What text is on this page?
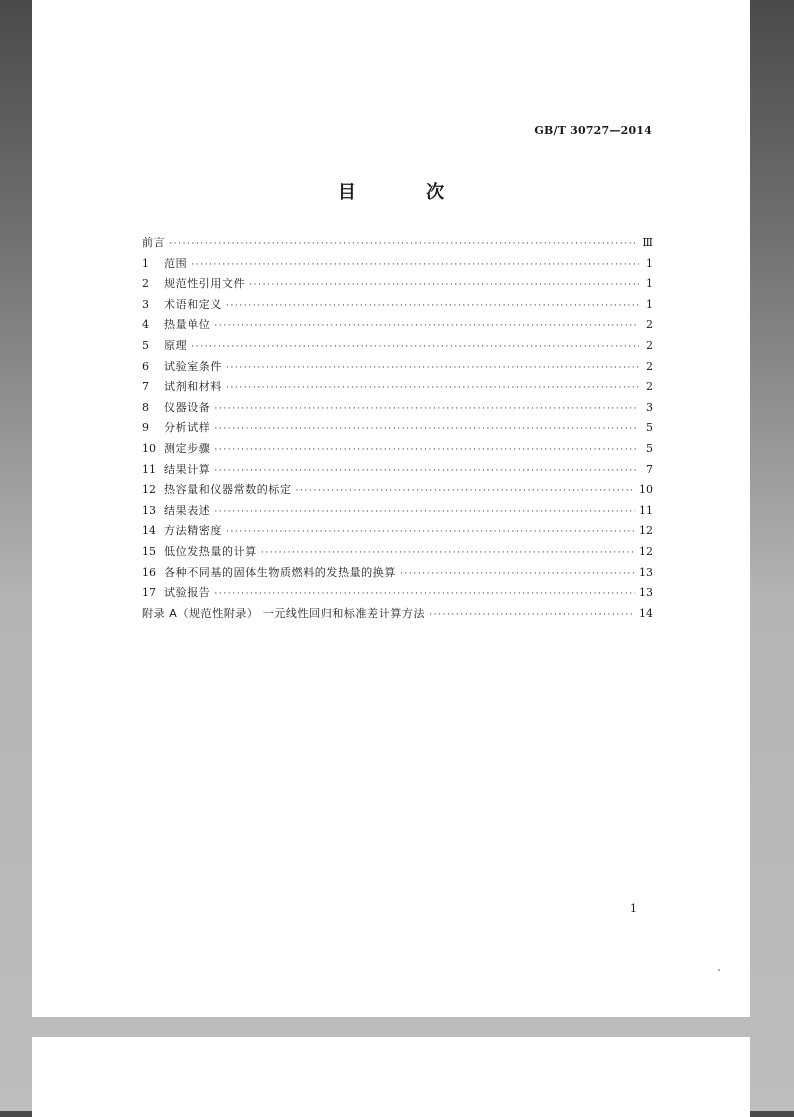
GB/T 30727—2014
目 次
前言 ·····	Ⅲ
1	范围 ·····	1
2	规范性引用文件 ·····	1
3	术语和定义 ·····	1
4	热量单位 ·····	2
5	原理 ·····	2
6	试验室条件 ·····	2
7	试剂和材料 ·····	2
8	仪器设备 ·····	3
9	分析试样 ·····	5
10 测定步骤 ·····	5
11 结果计算 ·····	7
12 热容量和仪器常数的标定 ·····	10
13 结果表述 ·····	11
14 方法精密度 ·····	12
15 低位发热量的计算 ·····	12
16 各种不同基的固体生物质燃料的发热量的换算 ·····	13
17 试验报告 ·····	13
附录 A（规范性附录） 一元线性回归和标准差计算方法 ·····	14
1
